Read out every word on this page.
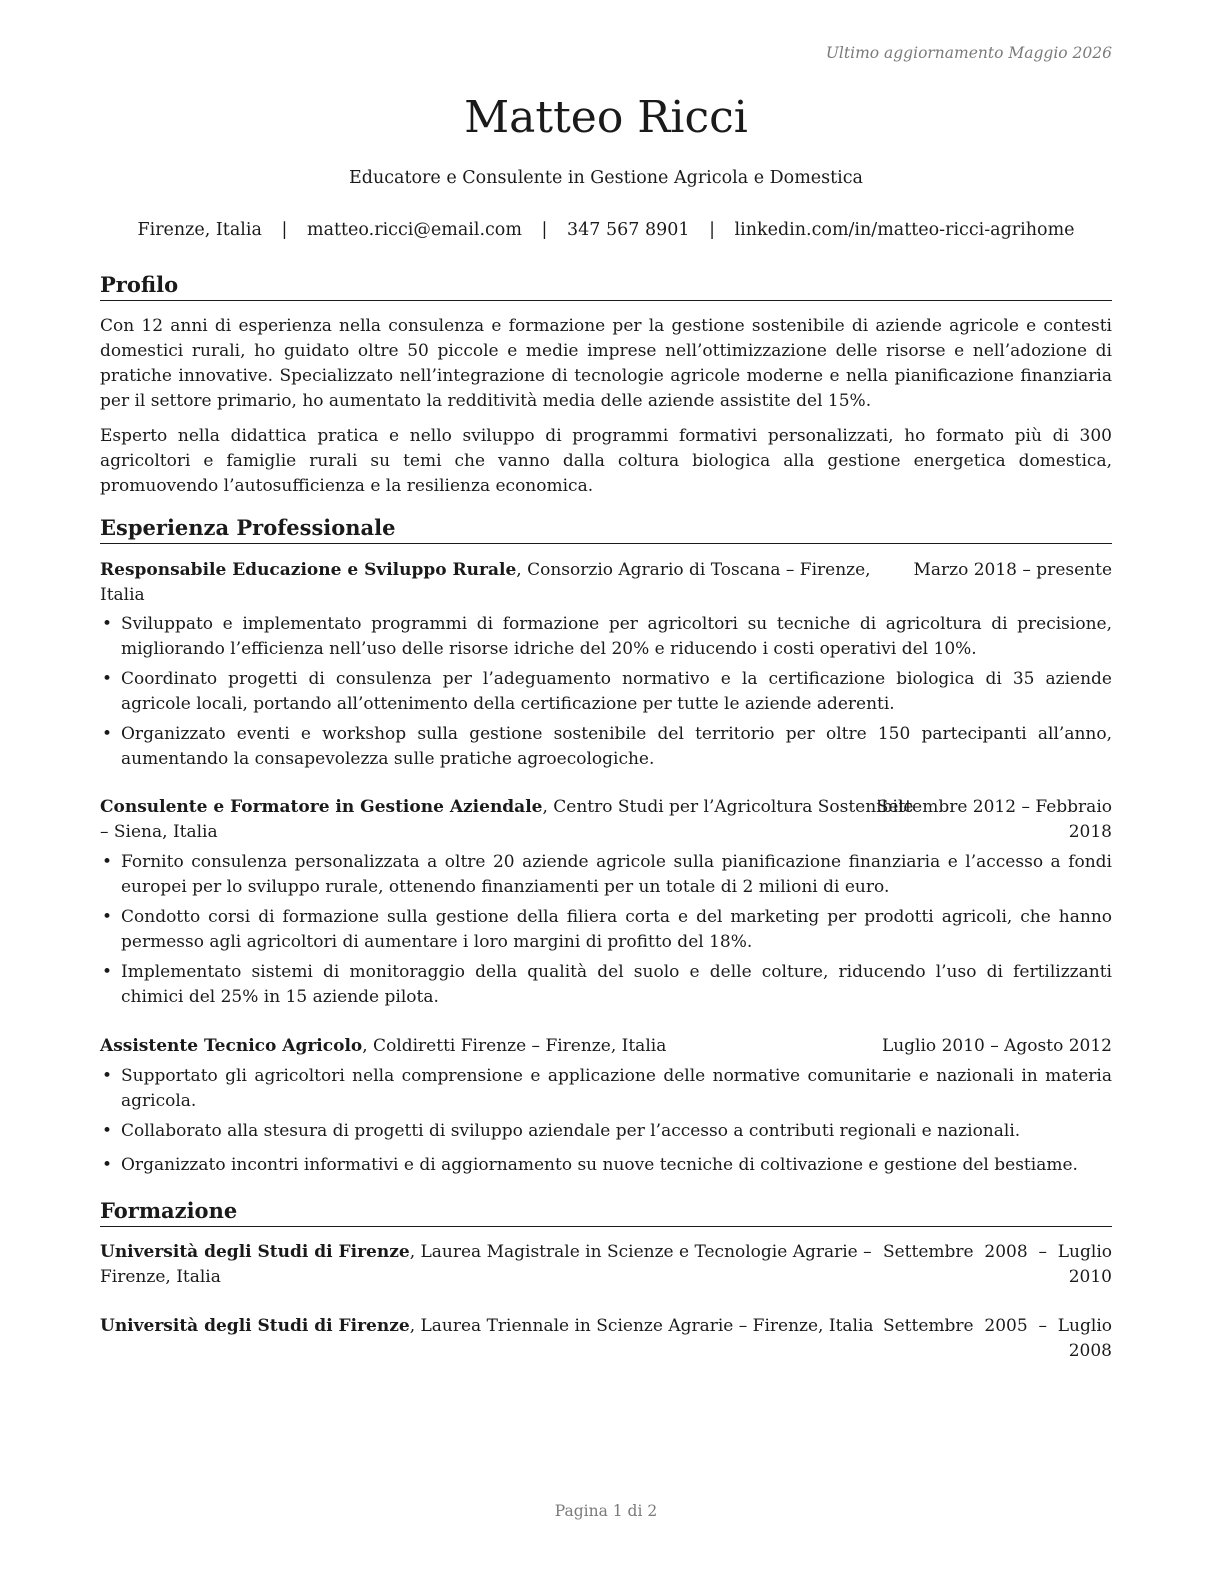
Ultimo aggiornamento Maggio 2026
Matteo Ricci
Educatore e Consulente in Gestione Agricola e Domestica
Firenze, Italia | matteo.ricci@email.com | 347 567 8901 | linkedin.com/in/matteo-ricci-agrihome
Profilo
Con 12 anni di esperienza nella consulenza e formazione per la gestione sostenibile di aziende agricole e contesti domestici rurali, ho guidato oltre 50 piccole e medie imprese nell’ottimizzazione delle risorse e nell’adozione di pratiche innovative. Specializzato nell’integrazione di tecnologie agricole moderne e nella pianificazione finanziaria per il settore primario, ho aumentato la redditività media delle aziende assistite del 15%.
Esperto nella didattica pratica e nello sviluppo di programmi formativi personalizzati, ho formato più di 300 agricoltori e famiglie rurali su temi che vanno dalla coltura biologica alla gestione energetica domestica, promuovendo l’autosufficienza e la resilienza economica.
Esperienza Professionale
Responsabile Educazione e Sviluppo Rurale, Consorzio Agrario di Toscana – Firenze,
Italia
Marzo 2018 – presente
• Sviluppato e implementato programmi di formazione per agricoltori su tecniche di agricoltura di precisione, migliorando l’efficienza nell’uso delle risorse idriche del 20% e riducendo i costi operativi del 10%.
• Coordinato progetti di consulenza per l’adeguamento normativo e la certificazione biologica di 35 aziende agricole locali, portando all’ottenimento della certificazione per tutte le aziende aderenti.
• Organizzato eventi e workshop sulla gestione sostenibile del territorio per oltre 150 partecipanti all’anno, aumentando la consapevolezza sulle pratiche agroecologiche.
Consulente e Formatore in Gestione Aziendale, Centro Studi per l’Agricoltura Sostenibile
– Siena, Italia
Settembre 2012 – Febbraio
2018
• Fornito consulenza personalizzata a oltre 20 aziende agricole sulla pianificazione finanziaria e l’accesso a fondi europei per lo sviluppo rurale, ottenendo finanziamenti per un totale di 2 milioni di euro.
• Condotto corsi di formazione sulla gestione della filiera corta e del marketing per prodotti agricoli, che hanno permesso agli agricoltori di aumentare i loro margini di profitto del 18%.
• Implementato sistemi di monitoraggio della qualità del suolo e delle colture, riducendo l’uso di fertilizzanti chimici del 25% in 15 aziende pilota.
Assistente Tecnico Agricolo, Coldiretti Firenze – Firenze, Italia	Luglio 2010 – Agosto 2012
• Supportato gli agricoltori nella comprensione e applicazione delle normative comunitarie e nazionali in materia agricola.
• Collaborato alla stesura di progetti di sviluppo aziendale per l’accesso a contributi regionali e nazionali.
• Organizzato incontri informativi e di aggiornamento su nuove tecniche di coltivazione e gestione del bestiame.
Formazione
Università degli Studi di Firenze, Laurea Magistrale in Scienze e Tecnologie Agrarie –
Firenze, Italia
Settembre  2008  –  Luglio
2010
Università degli Studi di Firenze, Laurea Triennale in Scienze Agrarie – Firenze, Italia Settembre  2005  –  Luglio
2008
Pagina 1 di 2
